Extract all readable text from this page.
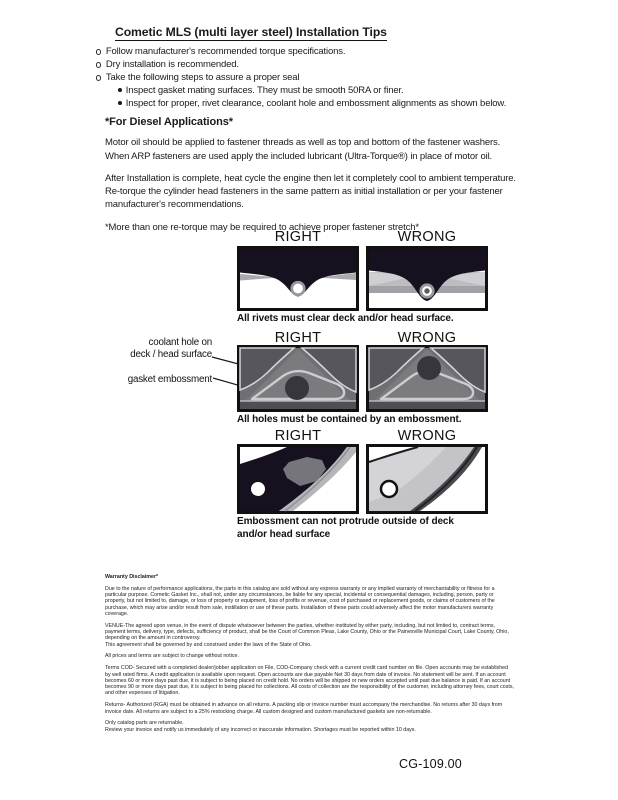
Cometic MLS (multi layer steel) Installation Tips
Follow manufacturer's recommended torque specifications.
Dry installation is recommended.
Take the following steps to assure a proper seal
Inspect gasket mating surfaces. They must be smooth 50RA or finer.
Inspect for proper, rivet clearance, coolant hole and embossment alignments as shown below.
*For Diesel Applications*

Motor oil should be applied to fastener threads as well as top and bottom of the fastener washers. When ARP fasteners are used apply the included lubricant (Ultra-Torque®) in place of motor oil.

After Installation is complete, heat cycle the engine then let it completely cool to ambient temperature. Re-torque the cylinder head fasteners in the same pattern as initial installation or per your fastener manufacturer's recommendations.

*More than one re-torque may be required to achieve proper fastener stretch*

RIGHT	WRONG
All rivets must clear deck and/or head surface.
coolant hole on
deck / head surface
gasket embossment
RIGHT	WRONG
All holes must be contained by an embossment.
RIGHT	WRONG
Embossment can not protrude outside of deck
and/or head surface

Warranty Disclaimer*

Due to the nature of performance applications, the parts in this catalog are sold without any express warranty or any implied warranty of merchantability or fitness for a particular purpose. Cometic Gasket Inc., shall not, under any circumstances, be liable for any special, incidental or consequential damages, including, person, party or property, but not limited to, damage, or loss of property or equipment, loss of profits or revenue, cost of purchased or replacement goods, or claims of customers of the purchase, which may arise and/or result from sale, instillation or use of these parts. Installation of these parts could adversely affect the motor manufacturers warranty coverage.

VENUE-The agreed upon venue, in the event of dispute whatsoever between the parties, whether instituted by either party, including, but not limited to, contract terms, payment terms, delivery, type, defects, sufficiency of product, shall be the Court of Common Pleas, Lake County, Ohio or the Painesville Municipal Court, Lake County, Ohio, depending on the amount in controversy.

This agreement shall be governed by and construed under the laws of the State of Ohio.

All prices and terms are subject to change without notice.

Terms COD- Secured with a completed dealer/jobber application on File, COD-Company check with a current credit card number on file. Open accounts may be established by well rated firms. A credit application is available upon request. Open accounts are due payable Net 30 days from date of invoice. No statement will be sent. If an account becomes 60 or more days past due, it is subject to being placed on credit hold. No orders will be shipped or new orders accepted until past due balance is paid. If an account becomes 90 or more days past due, it is subject to being placed for collections. All costs of collection are the responsibility of the customer, including attorney fees, court costs, and other expenses of litigation.

Returns- Authorized (RGA) must be obtained in advance on all returns. A packing slip or invoice number must accompany the merchandise. No returns after 30 days from invoice date. All returns are subject to a 25% restocking charge. All custom designed and custom manufactured gaskets are non-returnable.

Only catalog parts are returnable.

Review your invoice and notify us immediately of any incorrect or inaccurate information. Shortages must be reported within 10 days.

CG-109.00
